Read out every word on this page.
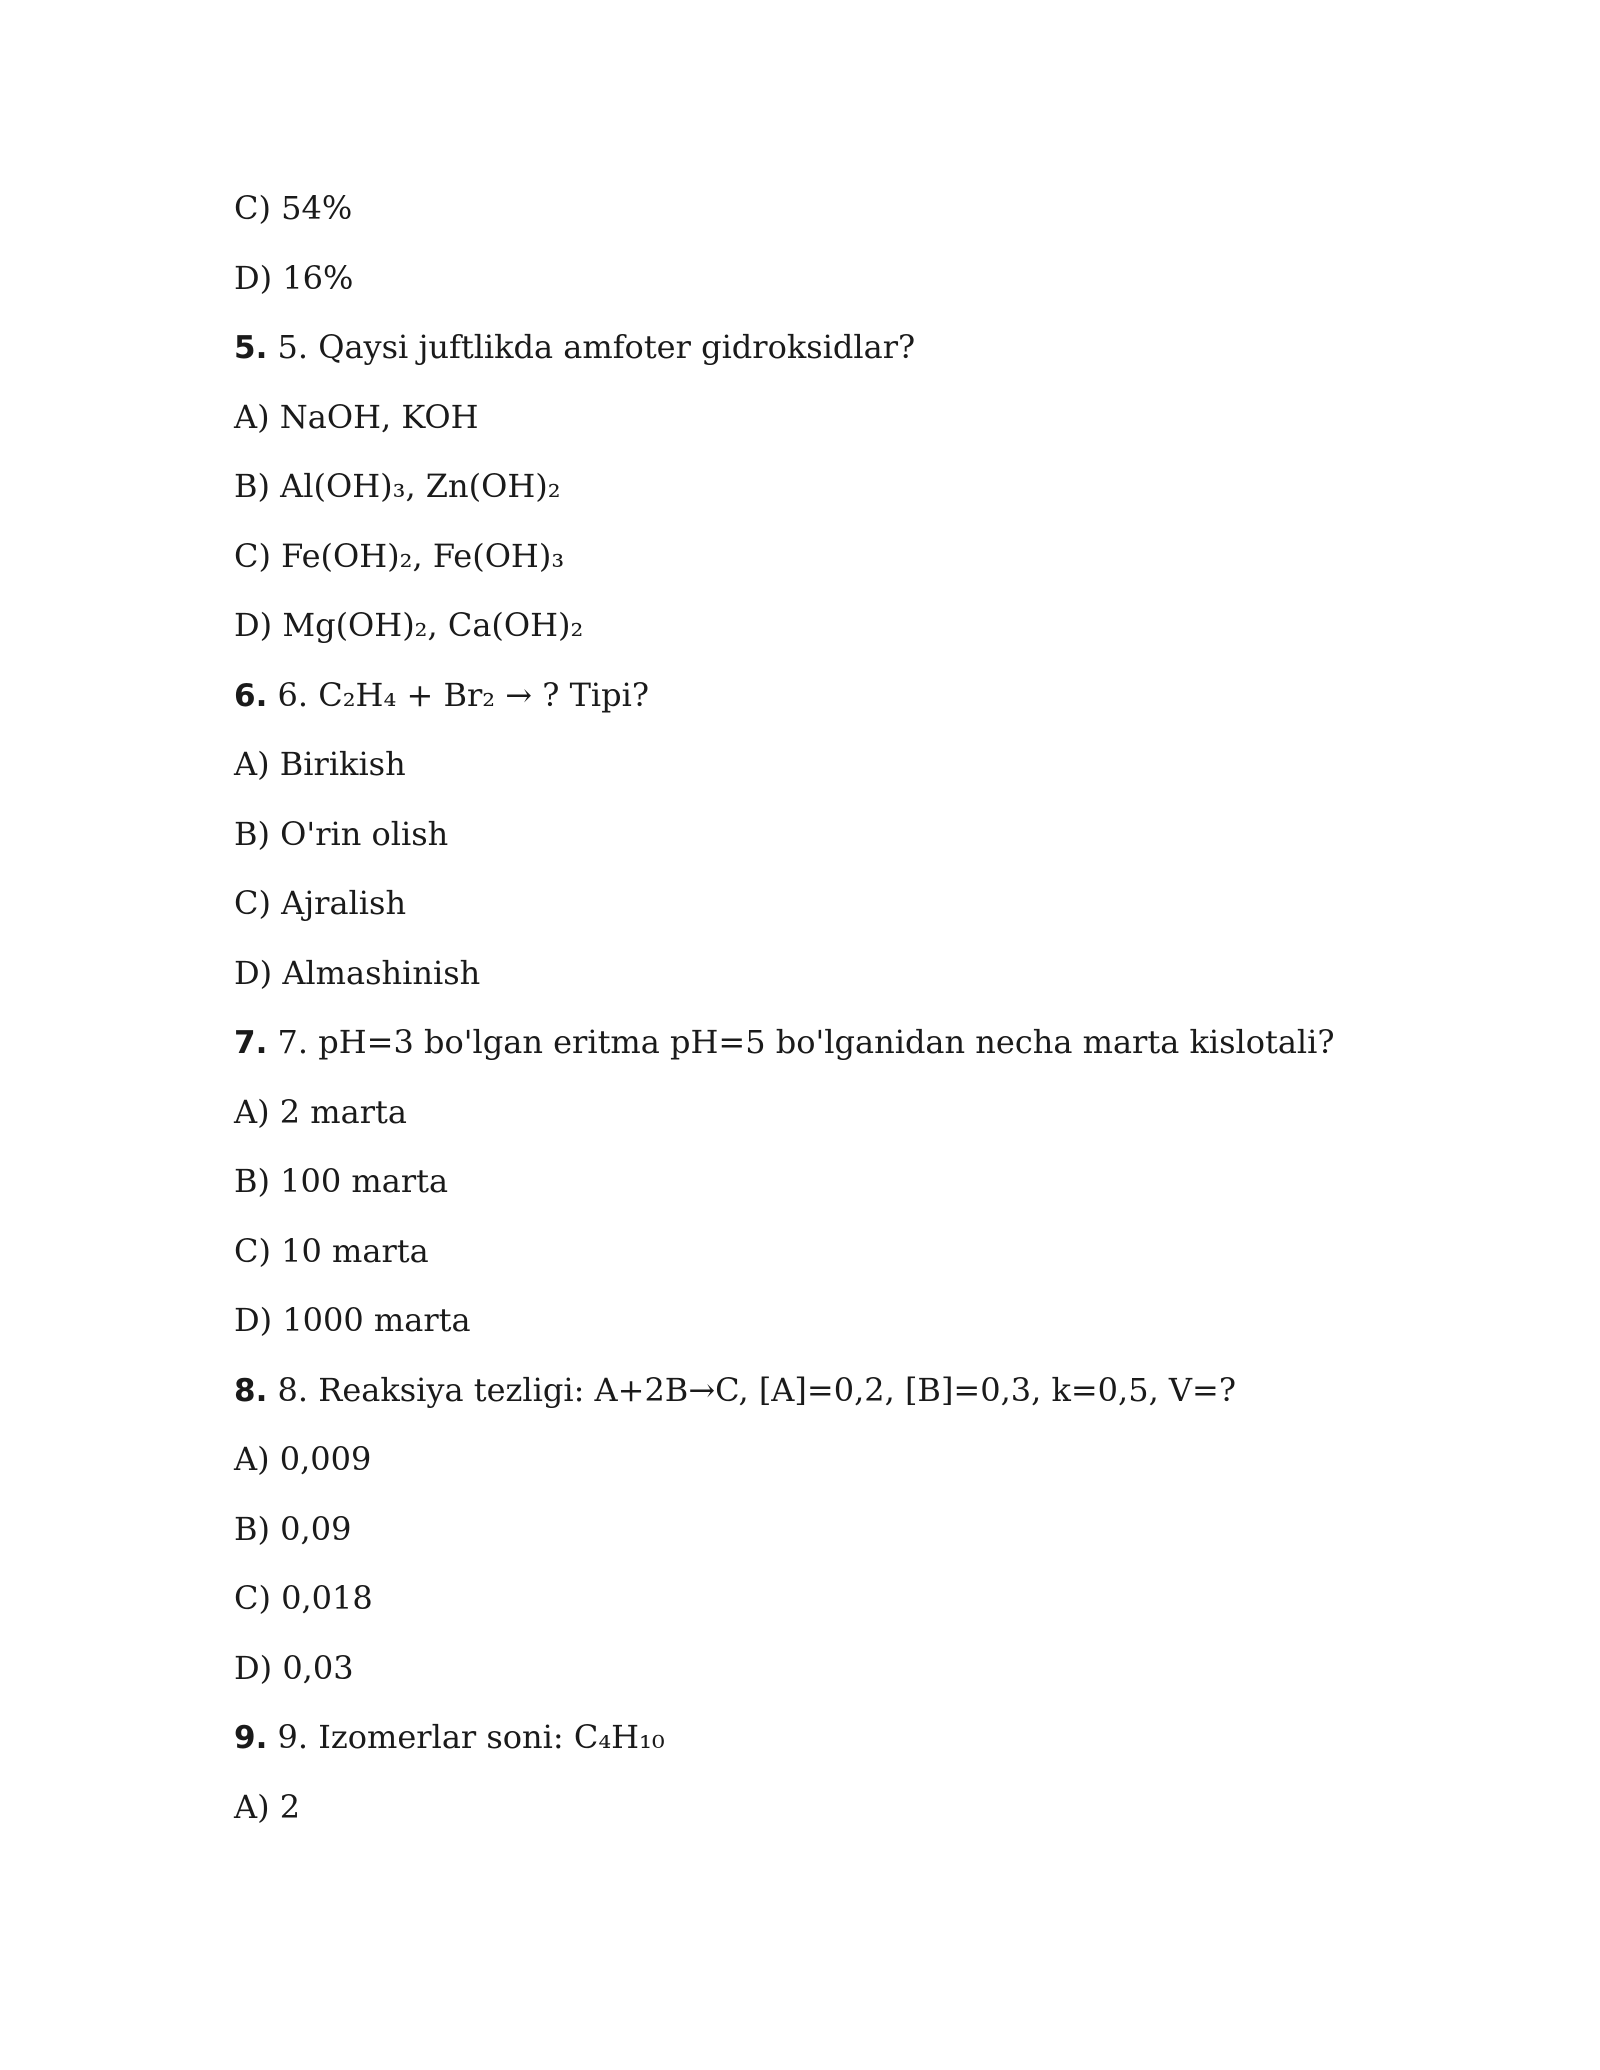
C) 54%
D) 16%
5. 5. Qaysi juftlikda amfoter gidroksidlar?
A) NaOH, KOH
B) Al(OH)₃, Zn(OH)₂
C) Fe(OH)₂, Fe(OH)₃
D) Mg(OH)₂, Ca(OH)₂
6. 6. C₂H₄ + Br₂ → ? Tipi?
A) Birikish
B) O'rin olish
C) Ajralish
D) Almashinish
7. 7. pH=3 bo'lgan eritma pH=5 bo'lganidan necha marta kislotali?
A) 2 marta
B) 100 marta
C) 10 marta
D) 1000 marta
8. 8. Reaksiya tezligi: A+2B→C, [A]=0,2, [B]=0,3, k=0,5, V=?
A) 0,009
B) 0,09
C) 0,018
D) 0,03
9. 9. Izomerlar soni: C₄H₁₀
A) 2
